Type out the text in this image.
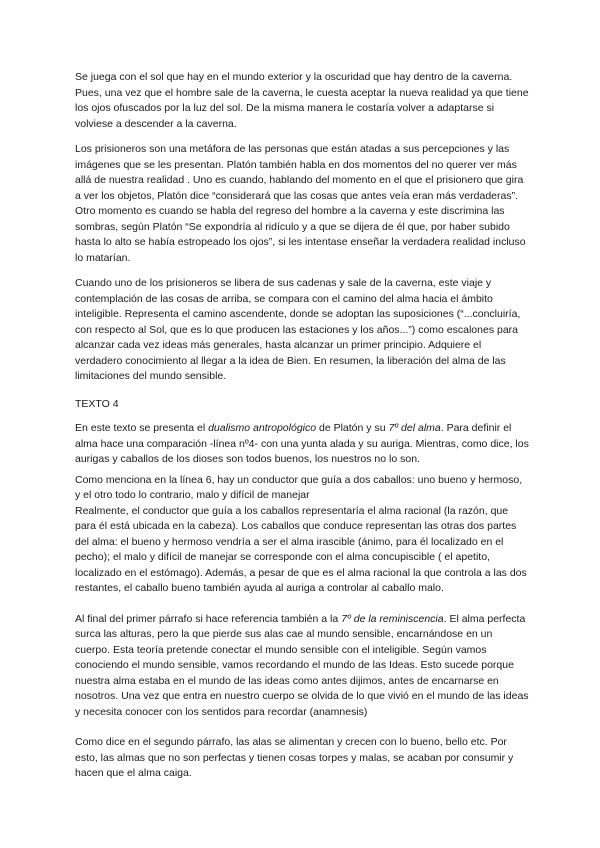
Se juega con el sol que hay en el mundo exterior y la oscuridad que hay dentro de la caverna. Pues, una vez que el hombre sale de la caverna, le cuesta aceptar la nueva realidad ya que tiene los ojos ofuscados por la luz del sol. De la misma manera le costaría volver a adaptarse si volviese a descender a la caverna.

Los prisioneros son una metáfora de las personas que están atadas a sus percepciones y las imágenes que se les presentan. Platón también habla en dos momentos del no querer ver más allá de nuestra realidad . Uno es cuando, hablando del momento en el que el prisionero que gira a ver los objetos, Platón dice “considerará que las cosas que antes veía eran más verdaderas”. Otro momento es cuando se habla del regreso del hombre a la caverna y este discrimina las sombras, según Platón “Se expondría al ridículo y a que se dijera de él que, por haber subido hasta lo alto se había estropeado los ojos”, si les intentase enseñar la verdadera realidad incluso lo matarían.

Cuando uno de los prisioneros se libera de sus cadenas y sale de la caverna, este viaje y contemplación de las cosas de arriba, se compara con el camino del alma hacia el ámbito inteligible. Representa el camino ascendente, donde se adoptan las suposiciones (“...concluiría, con respecto al Sol, que es lo que producen las estaciones y los años...”) como escalones para alcanzar cada vez ideas más generales, hasta alcanzar un primer principio. Adquiere el verdadero conocimiento al llegar a la idea de Bien. En resumen, la liberación del alma de las limitaciones del mundo sensible.

TEXTO 4

En este texto se presenta el dualismo antropológico de Platón y su 7º del alma. Para definir el alma hace una comparación -línea nº4- con una yunta alada y su auriga. Mientras, como dice, los aurigas y caballos de los dioses son todos buenos, los nuestros no lo son.

Como menciona en la línea 6, hay un conductor que guía a dos caballos: uno bueno y hermoso, y el otro todo lo contrario, malo y difícil de manejar

Realmente, el conductor que guía a los caballos representaría el alma racional (la razón, que para él está ubicada en la cabeza). Los caballos que conduce representan las otras dos partes del alma: el bueno y hermoso vendría a ser el alma irascible (ánimo, para él localizado en el pecho); el malo y difícil de manejar se corresponde con el alma concupiscible ( el apetito, localizado en el estómago). Además, a pesar de que es el alma racional la que controla a las dos restantes, el caballo bueno también ayuda al auriga a controlar al caballo malo.

Al final del primer párrafo si hace referencia también a la 7º de la reminiscencia. El alma perfecta surca las alturas, pero la que pierde sus alas cae al mundo sensible, encarnándose en un cuerpo. Esta teoría pretende conectar el mundo sensible con el inteligible. Según vamos conociendo el mundo sensible, vamos recordando el mundo de las Ideas. Esto sucede porque nuestra alma estaba en el mundo de las ideas como antes dijimos, antes de encarnarse en nosotros. Una vez que entra en nuestro cuerpo se olvida de lo que vivió en el mundo de las ideas y necesita conocer con los sentidos para recordar (anamnesis)

Como dice en el segundo párrafo, las alas se alimentan y crecen con lo bueno, bello etc. Por esto, las almas que no son perfectas y tienen cosas torpes y malas, se acaban por consumir y hacen que el alma caiga.
